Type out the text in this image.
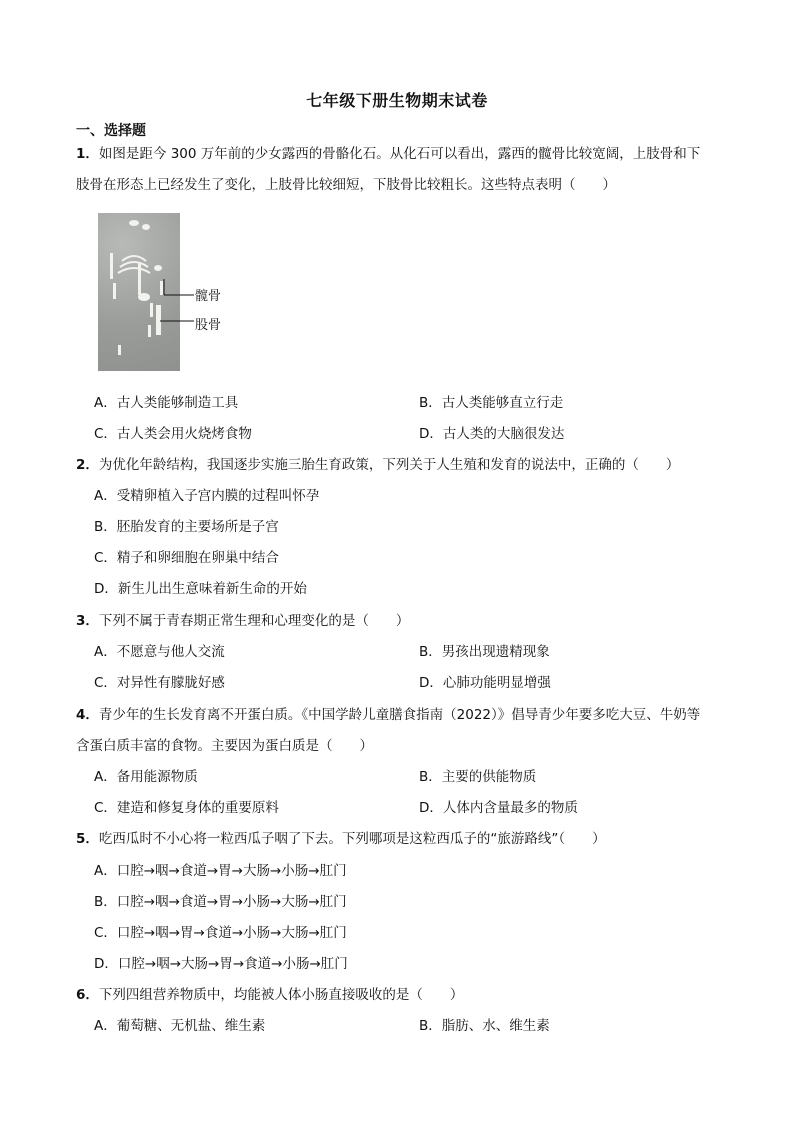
七年级下册生物期末试卷
一、选择题
1．如图是距今 300 万年前的少女露西的骨骼化石。从化石可以看出，露西的髋骨比较宽阔，上肢骨和下
肢骨在形态上已经发生了变化，上肢骨比较细短，下肢骨比较粗长。这些特点表明（　　）
髋骨
股骨
A．古人类能够制造工具	B．古人类能够直立行走
C．古人类会用火烧烤食物	D．古人类的大脑很发达
2．为优化年龄结构，我国逐步实施三胎生育政策，下列关于人生殖和发育的说法中，正确的（　　）
A．受精卵植入子宫内膜的过程叫怀孕
B．胚胎发育的主要场所是子宫
C．精子和卵细胞在卵巢中结合
D．新生儿出生意味着新生命的开始
3．下列不属于青春期正常生理和心理变化的是（　　）
A．不愿意与他人交流	B．男孩出现遗精现象
C．对异性有朦胧好感	D．心肺功能明显增强
4．青少年的生长发育离不开蛋白质。《中国学龄儿童膳食指南（2022）》倡导青少年要多吃大豆、牛奶等
含蛋白质丰富的食物。主要因为蛋白质是（　　）
A．备用能源物质	B．主要的供能物质
C．建造和修复身体的重要原料	D．人体内含量最多的物质
5．吃西瓜时不小心将一粒西瓜子咽了下去。下列哪项是这粒西瓜子的“旅游路线”（　　）
A．口腔→咽→食道→胃→大肠→小肠→肛门
B．口腔→咽→食道→胃→小肠→大肠→肛门
C．口腔→咽→胃→食道→小肠→大肠→肛门
D．口腔→咽→大肠→胃→食道→小肠→肛门
6．下列四组营养物质中，均能被人体小肠直接吸收的是（　　）
A．葡萄糖、无机盐、维生素	B．脂肪、水、维生素
